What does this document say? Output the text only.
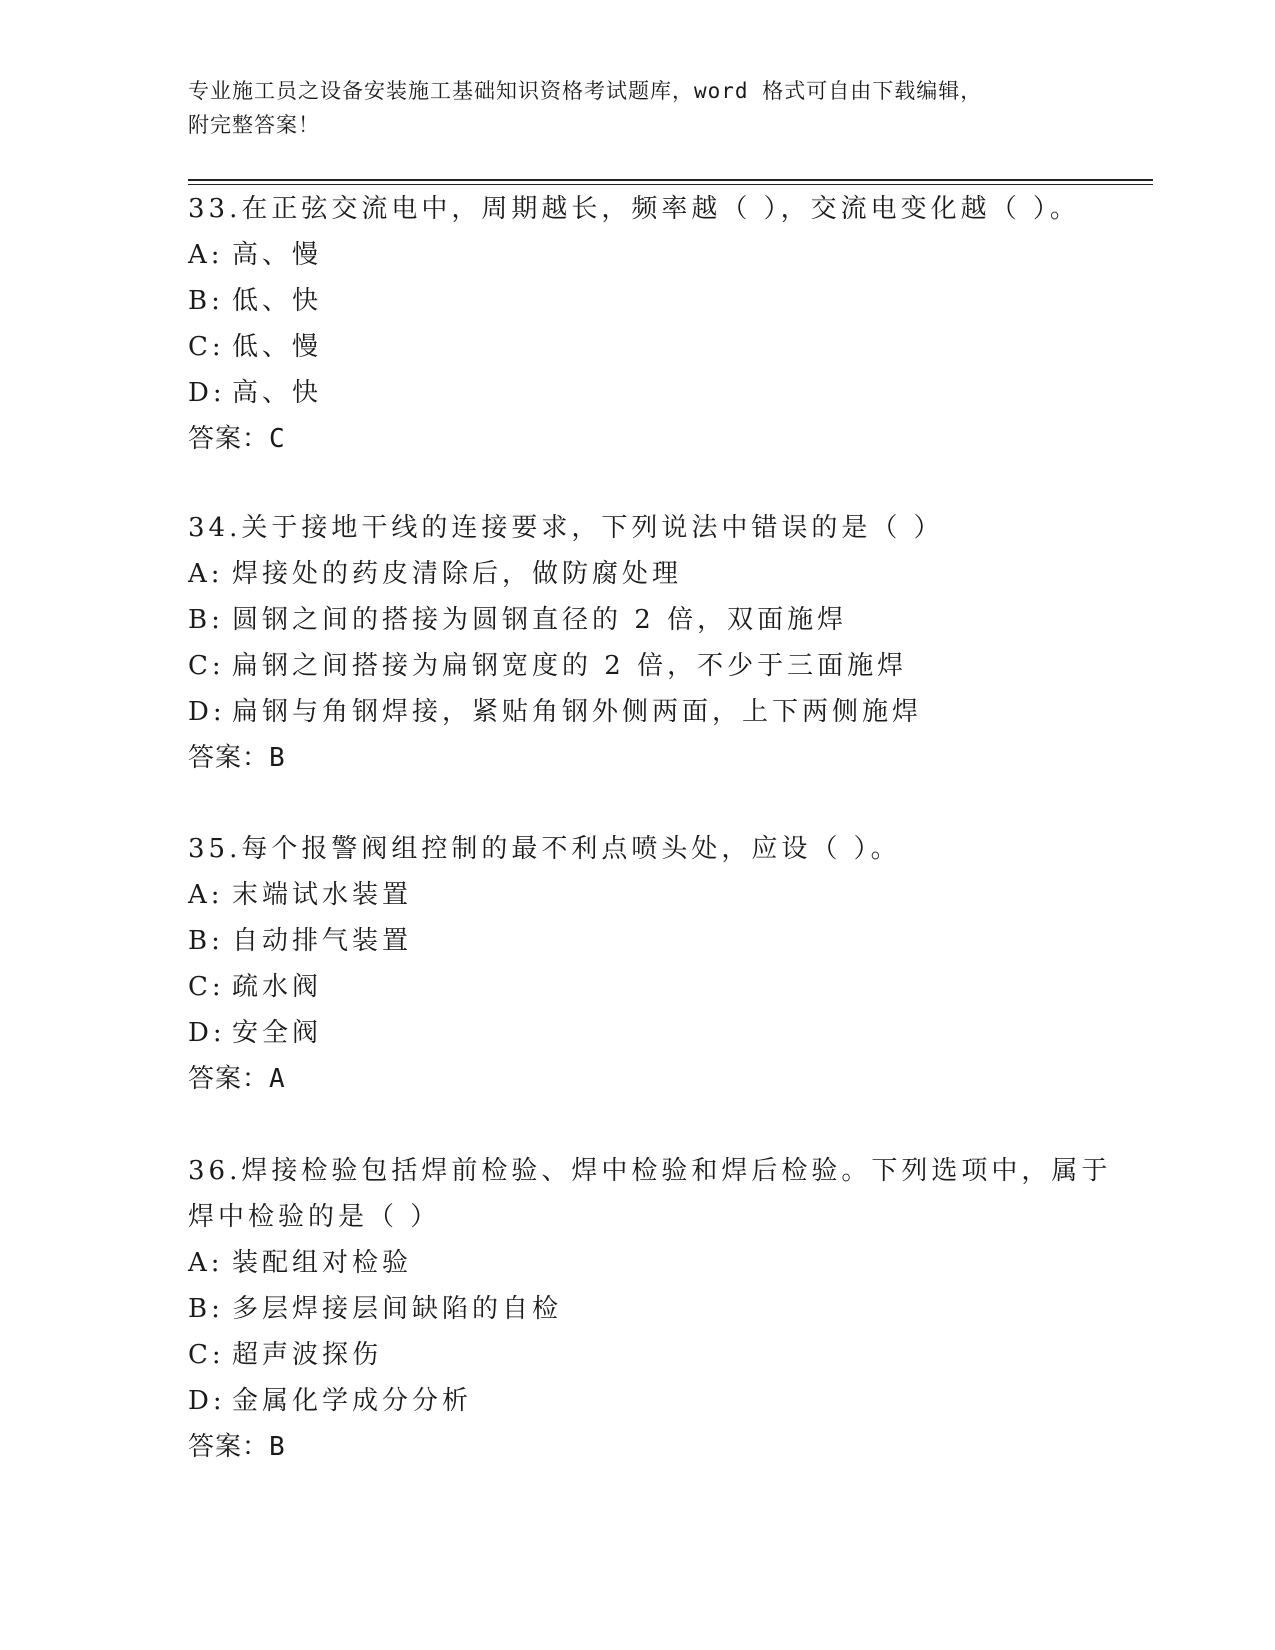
专业施工员之设备安装施工基础知识资格考试题库，word 格式可自由下载编辑，
附完整答案！
33.在正弦交流电中，周期越长，频率越（ ），交流电变化越（ ）。
A: 高、慢
B: 低、快
C: 低、慢
D: 高、快
答案：C
34.关于接地干线的连接要求，下列说法中错误的是（ ）
A: 焊接处的药皮清除后，做防腐处理
B: 圆钢之间的搭接为圆钢直径的 2 倍，双面施焊
C: 扁钢之间搭接为扁钢宽度的 2 倍，不少于三面施焊
D: 扁钢与角钢焊接，紧贴角钢外侧两面，上下两侧施焊
答案：B
35.每个报警阀组控制的最不利点喷头处，应设（ ）。
A: 末端试水装置
B: 自动排气装置
C: 疏水阀
D: 安全阀
答案：A
36.焊接检验包括焊前检验、焊中检验和焊后检验。下列选项中，属于
焊中检验的是（ ）
A: 装配组对检验
B: 多层焊接层间缺陷的自检
C: 超声波探伤
D: 金属化学成分分析
答案：B
